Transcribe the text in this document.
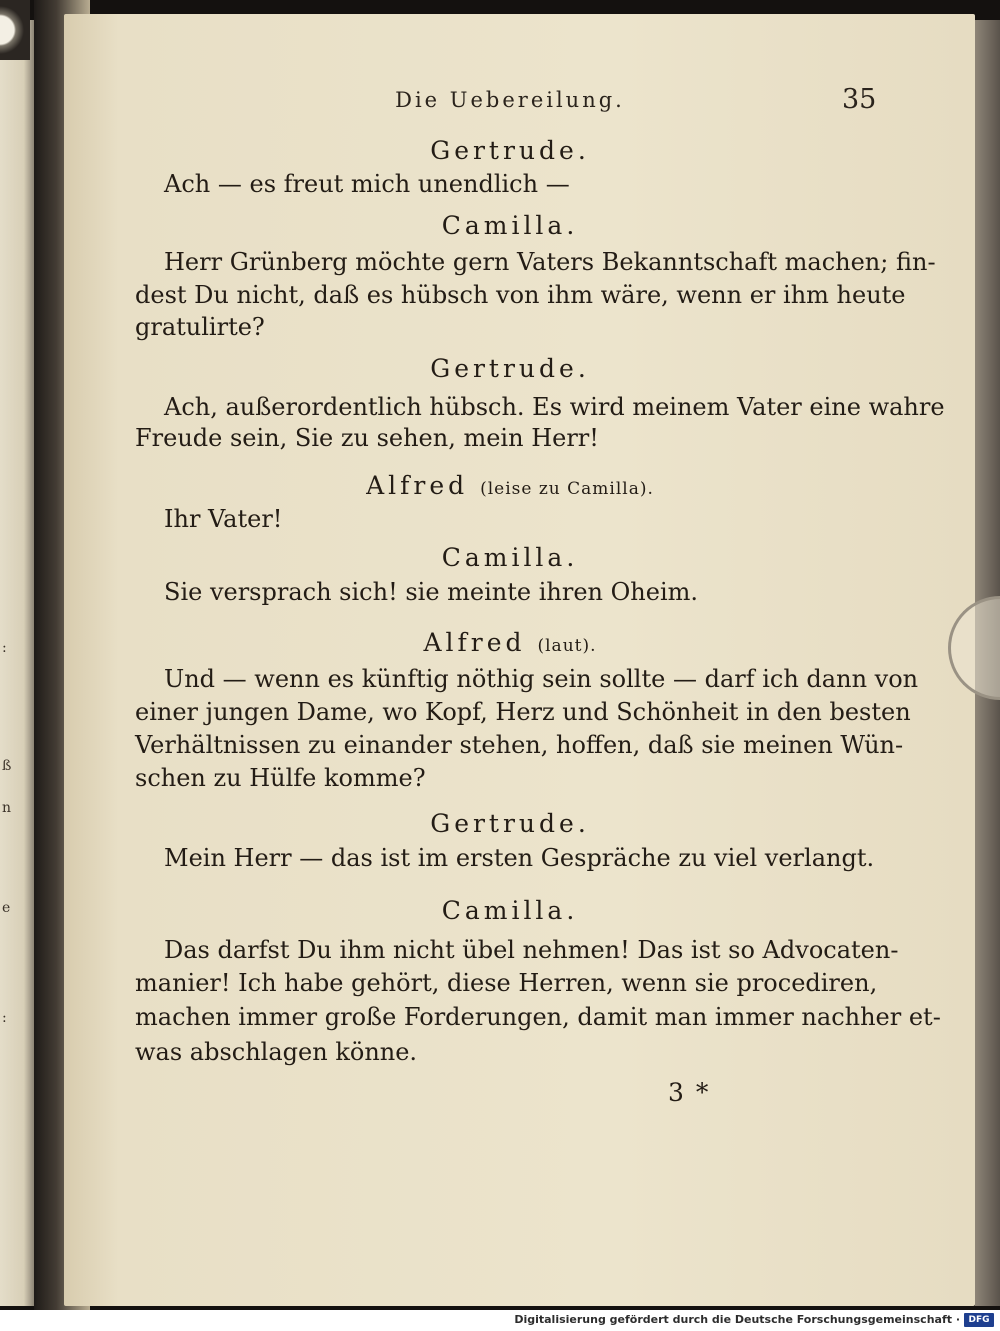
:
ß
n
e
:
Die Uebereilung.	35
Gertrude.
Ach — es freut mich unendlich —
Camilla.
Herr Grünberg möchte gern Vaters Bekanntschaft machen; fin-
dest Du nicht, daß es hübsch von ihm wäre, wenn er ihm heute
gratulirte?
Gertrude.
Ach, außerordentlich hübsch. Es wird meinem Vater eine wahre
Freude sein, Sie zu sehen, mein Herr!
Alfred (leise zu Camilla).
Ihr Vater!
Camilla.
Sie versprach sich! sie meinte ihren Oheim.
Alfred (laut).
Und — wenn es künftig nöthig sein sollte — darf ich dann von
einer jungen Dame, wo Kopf, Herz und Schönheit in den besten
Verhältnissen zu einander stehen, hoffen, daß sie meinen Wün-
schen zu Hülfe komme?
Gertrude.
Mein Herr — das ist im ersten Gespräche zu viel verlangt.
Camilla.
Das darfst Du ihm nicht übel nehmen! Das ist so Advocaten-
manier! Ich habe gehört, diese Herren, wenn sie procediren,
machen immer große Forderungen, damit man immer nachher et-
was abschlagen könne.
3 *
Digitalisierung gefördert durch die Deutsche Forschungsgemeinschaft · DFG
